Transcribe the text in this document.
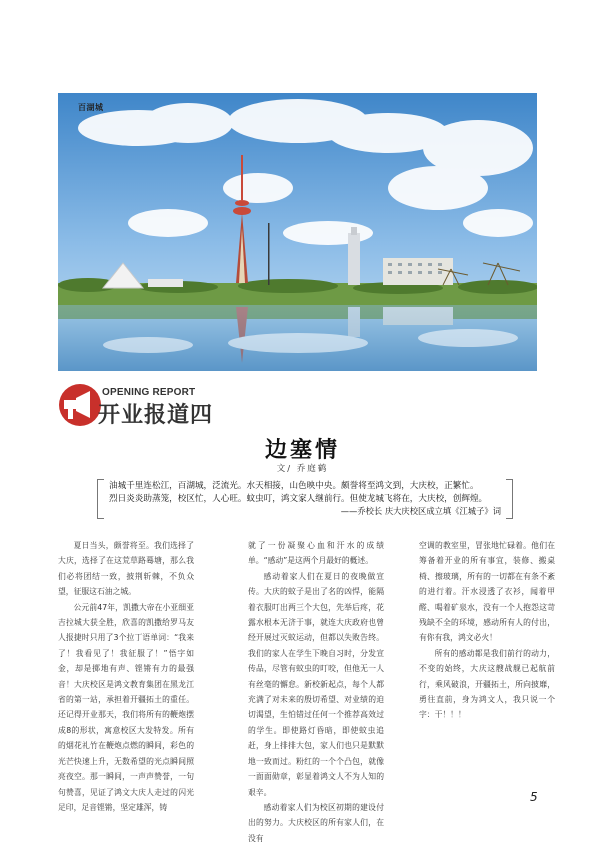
百湖城
OPENING REPORT
开业报道四
边塞情
文/ 乔庭鹤
油城千里连松江，百湖城，泛流光。水天相接，山色映中央。颇誉将至鸿文到，大庆校，正繁忙。
烈日炎炎助蒸笼，校区忙，人心旺。蚊虫叮，鸿文家人继前行。但使龙城飞将在，大庆校，创辉煌。
——乔校长 庆大庆校区成立填《江城子》词

夏日当头，颇誉将至。我们选择了大庆，选择了在这荒草路蓦塘，那么我们必将团结一致，披荆斩棘，不负众望，征服这石油之城。

公元前47年，凯撒大帝在小亚细亚吉拉城大获全胜，欣喜的凯撒给罗马友人报捷时只用了3个拉丁语单词：“我来了！我看见了！我征服了！”悟字如金，却是掷地有声、铿锵有力的最强音！大庆校区是鸿文教育集团在黑龙江省的第一站，承担着开疆拓土的重任。还记得开业那天，我们将所有的鞭炮摆成8的形状，寓意校区大发特发。所有的烟花礼竹在鞭炮点燃的瞬间，彩色的光芒快速上升，无数希望的光点瞬间照亮夜空。那一瞬间，一声声赞誉，一句句赞喜，见证了鸿文大庆人走过的闪光足印，足音铿锵，坚定雄浑，铸

就了一份凝聚心血和汗水的成绩单。“感动”是这两个月最好的概述。

感动着家人们在夏日的夜晚做宣传。大庆的蚊子是出了名的凶悍，能隔着衣服叮出两三个大包，先举后疼，花露水根本无济于事，就连大庆政府也曾经开展过灭蚊运动，但都以失败告终。我们的家人在学生下晚自习时，分发宣传品，尽管有蚊虫的叮咬，但他无一人有丝毫的懈怠。新校新起点，每个人都充满了对未来的殷切希望、对业绩的迫切渴望，生怕错过任何一个推荐高效过的学生。即使路灯昏暗，即使蚊虫追赶，身上排排大包，家人们也只是默默地一致而过。粉红的一个个凸包，就像一面面勋章，彰显着鸿文人不为人知的艰辛。

感动着家人们为校区初期的建设付出的努力。大庆校区的所有家人们，在没有

空调的教室里，冒张地忙碌着。他们在筹备着开业的所有事宜，装修、搬桌椅、擦玻璃，所有的一切都在有条不紊的进行着。汗水浸透了衣衫，闻着甲醛、喝着矿泉水，没有一个人抱怨这苛残缺不全的环境，感动所有人的付出，有你有我，鸿文必火！

所有的感动都是我们前行的动力，不变的始终，大庆这艘战舰已起航前行，乘风破浪，开疆拓土，所向披靡，勇往直前，身为鸿文人，我只说一个字：干！！！

5
